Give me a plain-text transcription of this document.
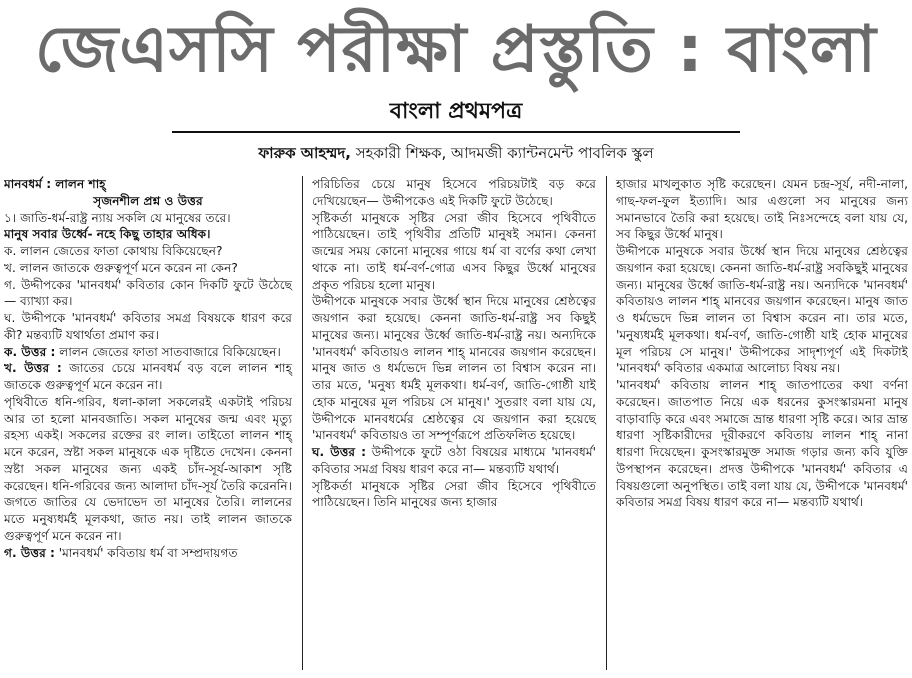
জেএসসি পরীক্ষা প্রস্তুতি : বাংলা
বাংলা প্রথমপত্র
ফারুক আহম্মদ, সহকারী শিক্ষক, আদমজী ক্যান্টনমেন্ট পাবলিক স্কুল

মানবধর্ম : লালন শাহ্

সৃজনশীল প্রশ্ন ও উত্তর

১। জাতি-ধর্ম-রাষ্ট্র ন্যায় সকলি যে মানুষের তরে।

মানুষ সবার উর্ধ্বে- নহে কিছু তাহার অধিক।

ক. লালন জেতের ফাতা কোথায় বিকিয়েছেন?

খ. লালন জাতকে গুরুত্বপূর্ণ মনে করেন না কেন?

গ. উদ্দীপকের 'মানবধর্ম' কবিতার কোন দিকটি ফুটে উঠেছে— ব্যাখ্যা কর।

ঘ. উদ্দীপকে 'মানবধর্ম' কবিতার সমগ্র বিষয়কে ধারণ করে কী? মন্তব্যটি যথার্থতা প্রমাণ কর।

ক. উত্তর : লালন জেতের ফাতা সাতবাজারে বিকিয়েছেন।

খ. উত্তর : জাতের চেয়ে মানবধর্ম বড় বলে লালন শাহ্ জাতকে গুরুত্বপূর্ণ মনে করেন না।

পৃথিবীতে ধনি-গরিব, ধলা-কালা সকলেরই একটাই পরিচয় আর তা হলো মানবজাতি। সকল মানুষের জন্ম এবং মৃত্যু রহস্য একই। সকলের রক্তের রং লাল। তাইতো লালন শাহ্ মনে করেন, স্রষ্টা সকল মানুষকে এক দৃষ্টিতে দেখেন। কেননা স্রষ্টা সকল মানুষের জন্য একই চাঁদ-সূর্য-আকাশ সৃষ্টি করেছেন। ধনি-গরিবের জন্য আলাদা চাঁদ-সূর্য তৈরি করেননি। জগতে জাতির যে ভেদাভেদ তা মানুষের তৈরি। লালনের মতে মনুষ্যধর্মই মূলকথা, জাত নয়। তাই লালন জাতকে গুরুত্বপূর্ণ মনে করেন না।

গ. উত্তর : 'মানবধর্ম' কবিতায় ধর্ম বা সম্প্রদায়গত

পরিচিতির চেয়ে মানুষ হিসেবে পরিচয়টাই বড় করে দেখিয়েছেন— উদ্দীপকেও এই দিকটি ফুটে উঠেছে।

সৃষ্টিকর্তা মানুষকে সৃষ্টির সেরা জীব হিসেবে পৃথিবীতে পাঠিয়েছেন। তাই পৃথিবীর প্রতিটি মানুষই সমান। কেননা জন্মের সময় কোনো মানুষের গায়ে ধর্ম বা বর্ণের কথা লেখা থাকে না। তাই ধর্ম-বর্ণ-গোত্র এসব কিছুর উর্ধ্বে মানুষের প্রকৃত পরিচয় হলো মানুষ।

উদ্দীপকে মানুষকে সবার উর্ধ্বে স্থান দিয়ে মানুষের শ্রেষ্ঠত্বের জয়গান করা হয়েছে। কেননা জাতি-ধর্ম-রাষ্ট্র সব কিছুই মানুষের জন্য। মানুষের উর্ধ্বে জাতি-ধর্ম-রাষ্ট্র নয়। অন্যদিকে 'মানবধর্ম' কবিতায়ও লালন শাহ্ মানবের জয়গান করেছেন। মানুষ জাত ও ধর্মভেদে ভিন্ন লালন তা বিশ্বাস করেন না। তার মতে, 'মনুষ্য ধর্মই মূলকথা। ধর্ম-বর্ণ, জাতি-গোষ্ঠী যাই হোক মানুষের মূল পরিচয় সে মানুষ।' সুতরাং বলা যায় যে, উদ্দীপকে মানবধর্মের শ্রেষ্ঠত্বের যে জয়গান করা হয়েছে 'মানবধর্ম' কবিতায়ও তা সম্পূর্ণরূপে প্রতিফলিত হয়েছে।

ঘ. উত্তর : উদ্দীপকে ফুটে ওঠা বিষয়ের মাধ্যমে 'মানবধর্ম' কবিতার সমগ্র বিষয় ধারণ করে না— মন্তব্যটি যথার্থ।

সৃষ্টিকর্তা মানুষকে সৃষ্টির সেরা জীব হিসেবে পৃথিবীতে পাঠিয়েছেন। তিনি মানুষের জন্য হাজার

হাজার মাখলুকাত সৃষ্টি করেছেন। যেমন চন্দ্র-সূর্য, নদী-নালা, গাছ-ফল-ফুল ইত্যাদি। আর এগুলো সব মানুষের জন্য সমানভাবে তৈরি করা হয়েছে। তাই নিঃসন্দেহে বলা যায় যে, সব কিছুর উর্ধ্বে মানুষ।

উদ্দীপকে মানুষকে সবার উর্ধ্বে স্থান দিয়ে মানুষের শ্রেষ্ঠত্বের জয়গান করা হয়েছে। কেননা জাতি-ধর্ম-রাষ্ট্র সবকিছুই মানুষের জন্য। মানুষের উর্ধ্বে জাতি-ধর্ম-রাষ্ট্র নয়। অন্যদিকে 'মানবধর্ম' কবিতায়ও লালন শাহ্ মানবের জয়গান করেছেন। মানুষ জাত ও ধর্মভেদে ভিন্ন লালন তা বিশ্বাস করেন না। তার মতে, 'মনুষ্যধর্মই মূলকথা। ধর্ম-বর্ণ, জাতি-গোষ্ঠী যাই হোক মানুষের মূল পরিচয় সে মানুষ।' উদ্দীপকের সাদৃশ্যপূর্ণ এই দিকটাই 'মানবধর্ম' কবিতার একমাত্র আলোচ্য বিষয় নয়।

'মানবধর্ম' কবিতায় লালন শাহ্ জাতপাতের কথা বর্ণনা করেছেন। জাতপাত নিয়ে এক ধরনের কুসংস্কারমনা মানুষ বাড়াবাড়ি করে এবং সমাজে ভ্রান্ত ধারণা সৃষ্টি করে। আর ভ্রান্ত ধারণা সৃষ্টিকারীদের দূরীকরণে কবিতায় লালন শাহ্ নানা ধারণা দিয়েছেন। কুসংস্কারমুক্ত সমাজ গড়ার জন্য কবি যুক্তি উপস্থাপন করেছেন। প্রদত্ত উদ্দীপকে 'মানবধর্ম' কবিতার এ বিষয়গুলো অনুপস্থিত। তাই বলা যায় যে, উদ্দীপকে 'মানবধর্ম' কবিতার সমগ্র বিষয় ধারণ করে না— মন্তব্যটি যথার্থ।
